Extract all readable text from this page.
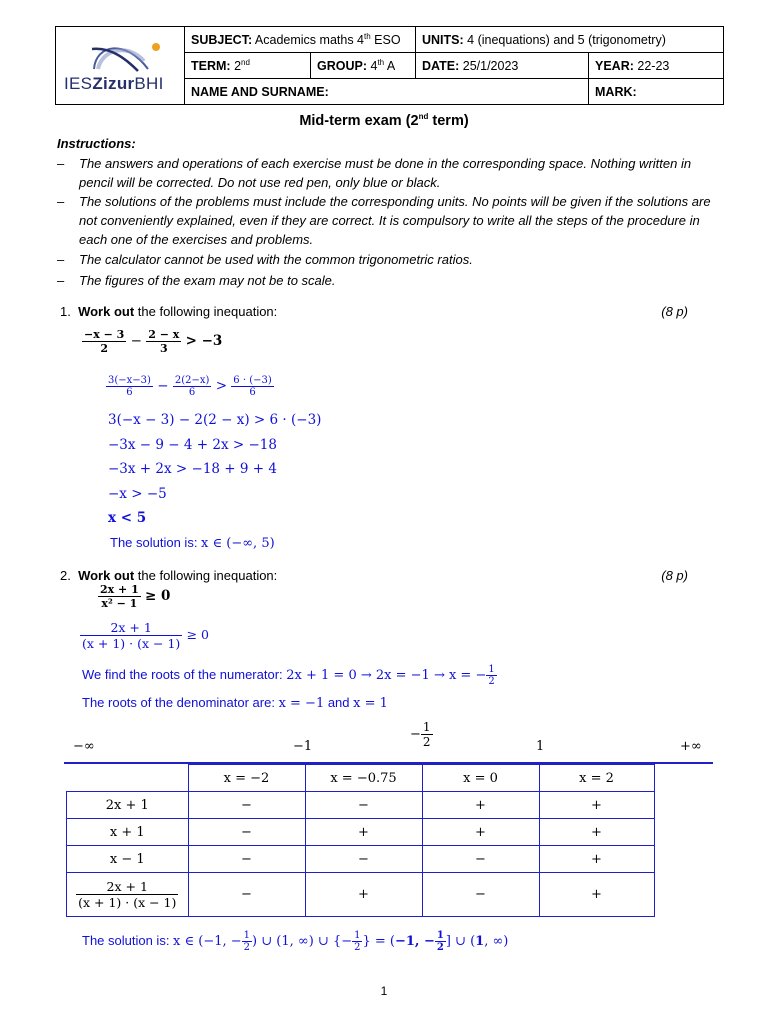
IESZizurBHI	SUBJECT: Academics maths 4th ESO		UNITS: 4 (inequations) and 5 (trigonometry)	
	TERM: 2nd	GROUP: 4th A	DATE: 25/1/2023	YEAR: 22-23
	NAME AND SURNAME:			MARK:
Mid-term exam (2nd term)
Instructions:
– The answers and operations of each exercise must be done in the corresponding space. Nothing written in pencil will be corrected. Do not use red pen, only blue or black.
– The solutions of the problems must include the corresponding units. No points will be given if the solutions are not conveniently explained, even if they are correct. It is compulsory to write all the steps of the procedure in each one of the exercises and problems.
– The calculator cannot be used with the common trigonometric ratios.
– The figures of the exam may not be to scale.
1. Work out the following inequation:	(8 p)
$\frac{-x - 3}{2} - \frac{2 - x}{3} > -3$
$\frac{3(-x-3)}{6} - \frac{2(2-x)}{6} > \frac{6 \cdot (-3)}{6}$
3(−x − 3) − 2(2 − x) > 6 · (−3)
−3x − 9 − 4 + 2x > −18
−3x + 2x > −18 + 9 + 4
−x > −5
x < 5
The solution is: x ∈ (−∞, 5)
2. Work out the following inequation:	(8 p)
$\frac{2x + 1}{\text{x² − 1}} \ge 0$
$\frac{2x + 1}{(x + 1) \cdot (x - 1)} \ge 0$
We find the roots of the numerator: 2x + 1 = 0 → 2x = −1 → x = − $\frac{1}{2}$
The roots of the denominator are: x = −1 and x = 1
−∞	−1
− $\frac{1}{2}$	1	+∞
	x = −2	x = −0.75	x = 0	x = 2
2x + 1	−	−	+	+
x + 1	−	+	+	+
x − 1	−	−	−	+

$\frac{2x + 1}{(x + 1) \cdot (x - 1)}$	−	+	−	+
The solution is: x ∈ (−1, − $\frac{1}{2}$ ) ∪ (1, ∞) ∪ {− $\frac{1}{2}$ } = (−1, − $\frac{1}{2}$ ] ∪ (1, ∞)
1
